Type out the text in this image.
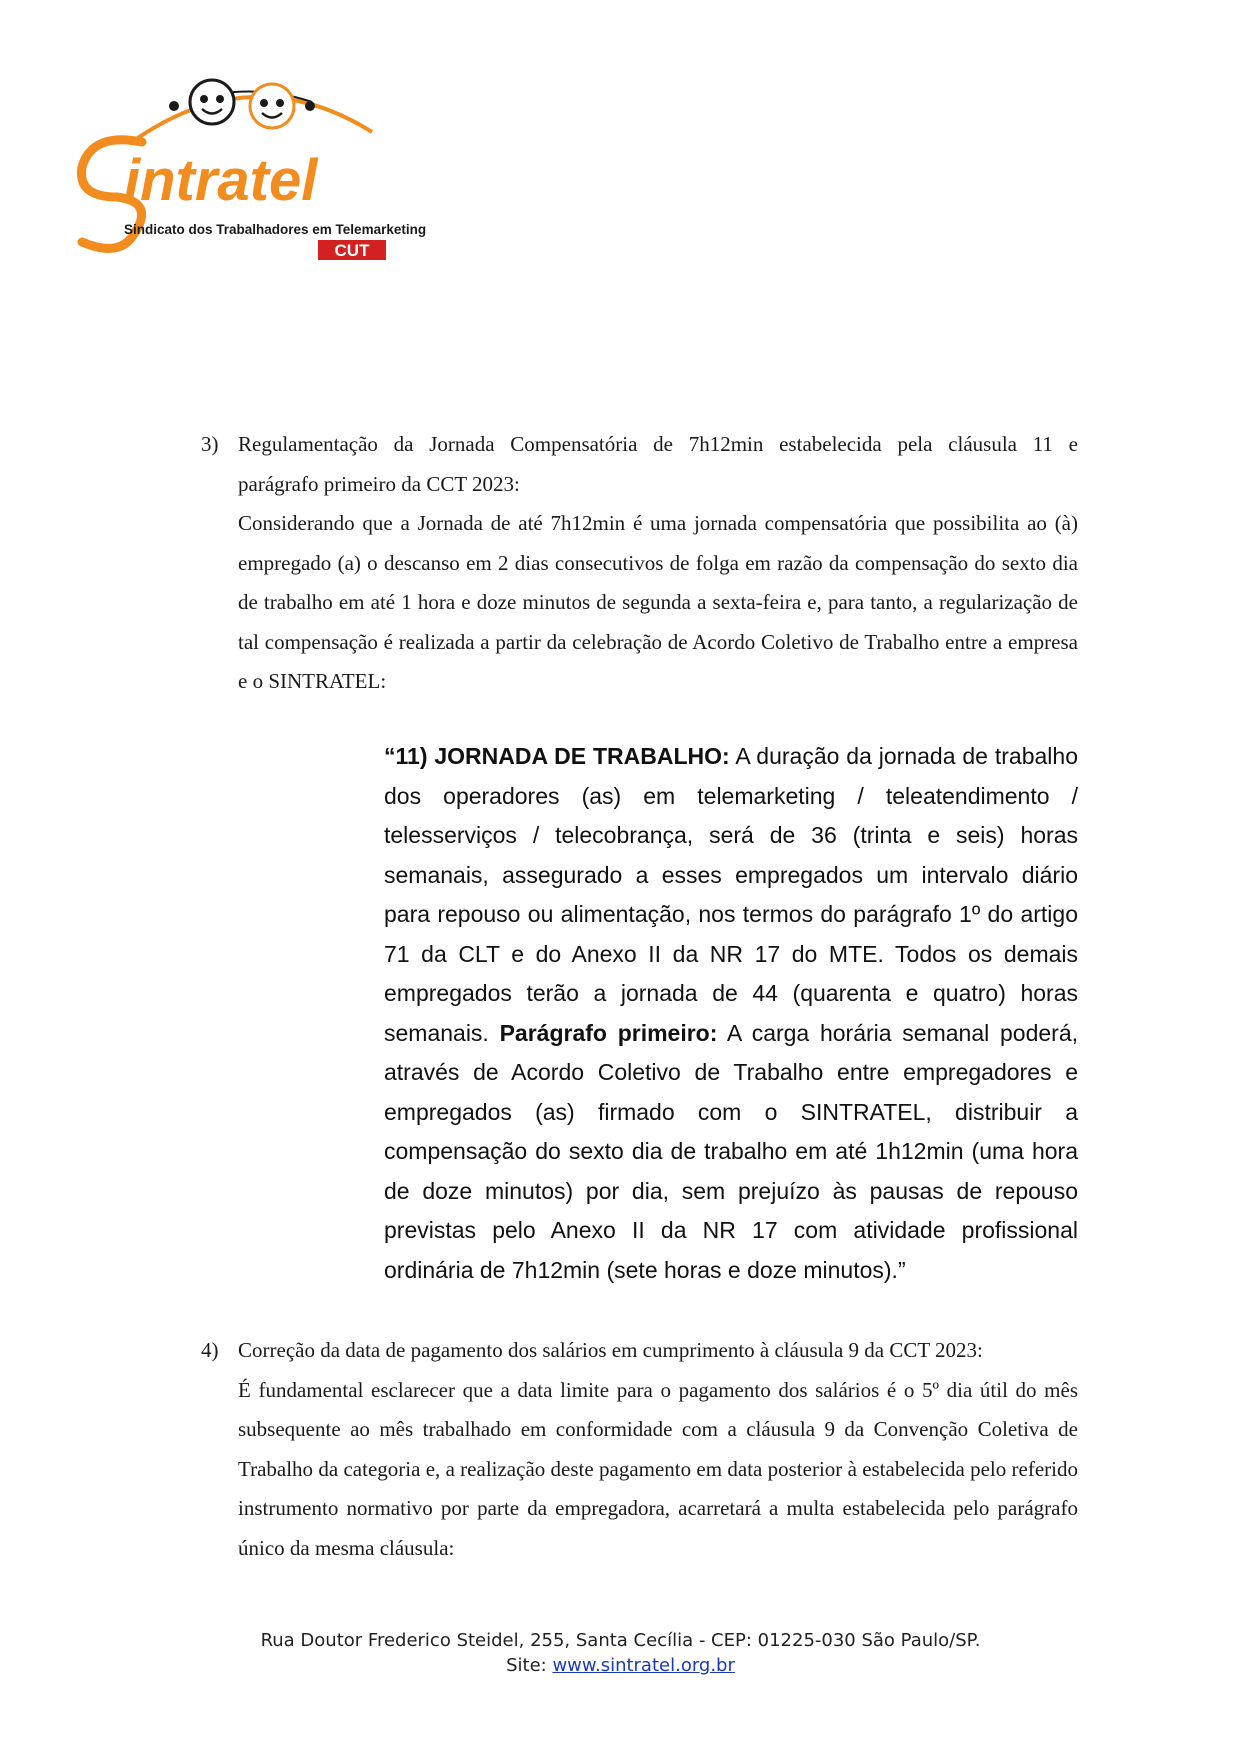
intratel
Sindicato dos Trabalhadores em Telemarketing
CUT
3) Regulamentação da Jornada Compensatória de 7h12min estabelecida pela cláusula 11 e
parágrafo primeiro da CCT 2023:
Considerando que a Jornada de até 7h12min é uma jornada compensatória que possibilita ao (à) empregado (a) o descanso em 2 dias consecutivos de folga em razão da compensação do sexto dia de trabalho em até 1 hora e doze minutos de segunda a sexta-feira e, para tanto, a regularização de tal compensação é realizada a partir da celebração de Acordo Coletivo de Trabalho entre a empresa e o SINTRATEL:
“11) JORNADA DE TRABALHO: A duração da jornada de trabalho dos operadores (as) em telemarketing / teleatendimento / telesserviços / telecobrança, será de 36 (trinta e seis) horas semanais, assegurado a esses empregados um intervalo diário para repouso ou alimentação, nos termos do parágrafo 1º do artigo 71 da CLT e do Anexo II da NR 17 do MTE. Todos os demais empregados terão a jornada de 44 (quarenta e quatro) horas semanais. Parágrafo primeiro: A carga horária semanal poderá, através de Acordo Coletivo de Trabalho entre empregadores e empregados (as) firmado com o SINTRATEL, distribuir a compensação do sexto dia de trabalho em até 1h12min (uma hora de doze minutos) por dia, sem prejuízo às pausas de repouso previstas pelo Anexo II da NR 17 com atividade profissional ordinária de 7h12min (sete horas e doze minutos).”
4) Correção da data de pagamento dos salários em cumprimento à cláusula 9 da CCT 2023:
É fundamental esclarecer que a data limite para o pagamento dos salários é o 5º dia útil do mês subsequente ao mês trabalhado em conformidade com a cláusula 9 da Convenção Coletiva de Trabalho da categoria e, a realização deste pagamento em data posterior à estabelecida pelo referido instrumento normativo por parte da empregadora, acarretará a multa estabelecida pelo parágrafo único da mesma cláusula:
Rua Doutor Frederico Steidel, 255, Santa Cecília - CEP: 01225-030 São Paulo/SP.
Site: www.sintratel.org.br
